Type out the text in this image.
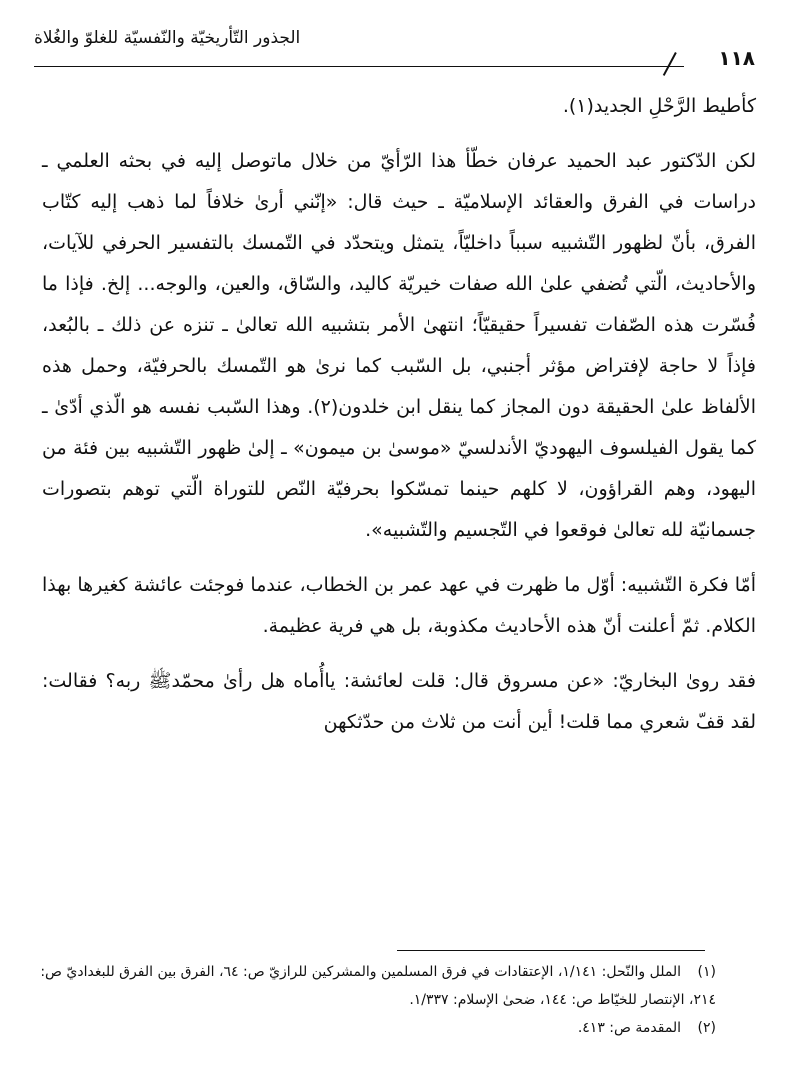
الجذور التّأريخيّة والنّفسيّة للغلوّ والغُلاة
١١٨

كأطيط الرَّحْلِ الجديد(١).

لكن الدّكتور عبد الحميد عرفان خطّأ هذا الرّأيّ من خلال ماتوصل إليه في بحثه العلمي ـ دراسات في الفرق والعقائد الإسلاميّة ـ حيث قال: «إنّني أرىٰ خلافاً لما ذهب إليه كتّاب الفرق، بأنّ لظهور التّشبيه سبباً داخليّاً، يتمثل ويتحدّد في التّمسك بالتفسير الحرفي للآيات، والأحاديث، الّتي تُضفي علىٰ الله صفات خيريّة كاليد، والسّاق، والعين، والوجه... إلخ. فإذا ما فُسّرت هذه الصّفات تفسيراً حقيقيّاً؛ انتهىٰ الأمر بتشبيه الله تعالىٰ ـ تنزه عن ذلك ـ بالبُعد، فإذاً لا حاجة لإفتراض مؤثر أجنبي، بل السّبب كما نرىٰ هو التّمسك بالحرفيّة، وحمل هذه الألفاظ علىٰ الحقيقة دون المجاز كما ينقل ابن خلدون(٢). وهذا السّبب نفسه هو الّذي أدّىٰ ـ كما يقول الفيلسوف اليهوديّ الأندلسيّ «موسىٰ بن ميمون» ـ إلىٰ ظهور التّشبيه بين فئة من اليهود، وهم القراؤون، لا كلهم حينما تمسّكوا بحرفيّة النّص للتوراة الّتي توهم بتصورات جسمانيّة لله تعالىٰ فوقعوا في التّجسيم والتّشبيه».

أمّا فكرة التّشبيه: أوّل ما ظهرت في عهد عمر بن الخطاب، عندما فوجئت عائشة كغيرها بهذا الكلام. ثمّ أعلنت أنّ هذه الأحاديث مكذوبة، بل هي فرية عظيمة.

فقد روىٰ البخاريّ: «عن مسروق قال: قلت لعائشة: ياأُماه هل رأىٰ محمّدﷺ ربه؟ فقالت: لقد قفّ شعري مما قلت! أين أنت من ثلاث من حدّثكهن

(١) الملل والنّحل: ١/١٤١، الإعتقادات في فرق المسلمين والمشركين للرازيّ ص: ٦٤، الفرق بين الفرق للبغداديّ ص: ٢١٤، الإنتصار للخيّاط ص: ١٤٤، ضحىٰ الإسلام: ١/٣٣٧.
(٢) المقدمة ص: ٤١٣.
